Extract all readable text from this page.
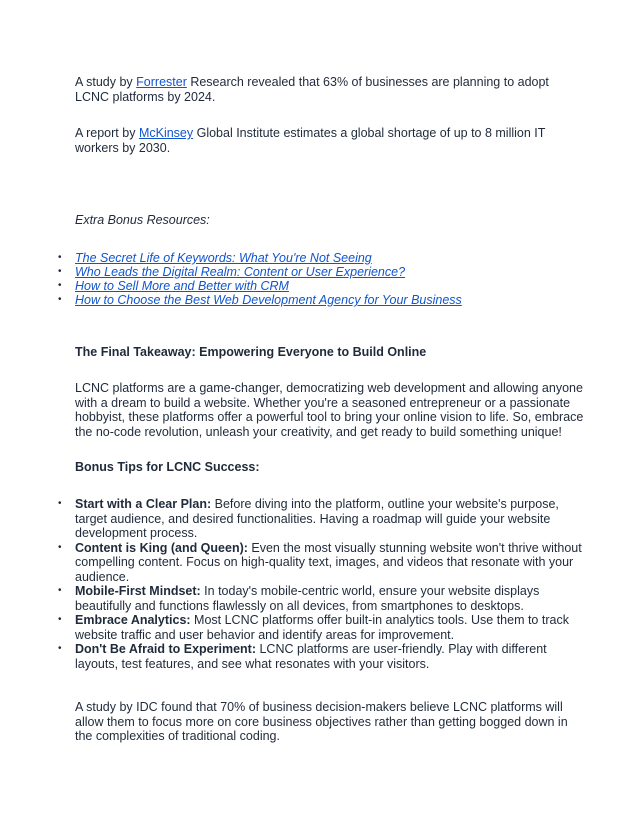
A study by Forrester Research revealed that 63% of businesses are planning to adopt

LCNC platforms by 2024.

A report by McKinsey Global Institute estimates a global shortage of up to 8 million IT

workers by 2030.

Extra Bonus Resources:

• The Secret Life of Keywords: What You're Not Seeing
• Who Leads the Digital Realm: Content or User Experience?
• How to Sell More and Better with CRM
• How to Choose the Best Web Development Agency for Your Business

The Final Takeaway: Empowering Everyone to Build Online

LCNC platforms are a game-changer, democratizing web development and allowing anyone

with a dream to build a website. Whether you're a seasoned entrepreneur or a passionate

hobbyist, these platforms offer a powerful tool to bring your online vision to life. So, embrace

the no-code revolution, unleash your creativity, and get ready to build something unique!

Bonus Tips for LCNC Success:

• Start with a Clear Plan: Before diving into the platform, outline your website's purpose,

target audience, and desired functionalities. Having a roadmap will guide your website

development process.

• Content is King (and Queen): Even the most visually stunning website won't thrive without

compelling content. Focus on high-quality text, images, and videos that resonate with your

audience.

• Mobile-First Mindset: In today's mobile-centric world, ensure your website displays

beautifully and functions flawlessly on all devices, from smartphones to desktops.

• Embrace Analytics: Most LCNC platforms offer built-in analytics tools. Use them to track

website traffic and user behavior and identify areas for improvement.

• Don't Be Afraid to Experiment: LCNC platforms are user-friendly. Play with different

layouts, test features, and see what resonates with your visitors.

A study by IDC found that 70% of business decision-makers believe LCNC platforms will

allow them to focus more on core business objectives rather than getting bogged down in

the complexities of traditional coding.
